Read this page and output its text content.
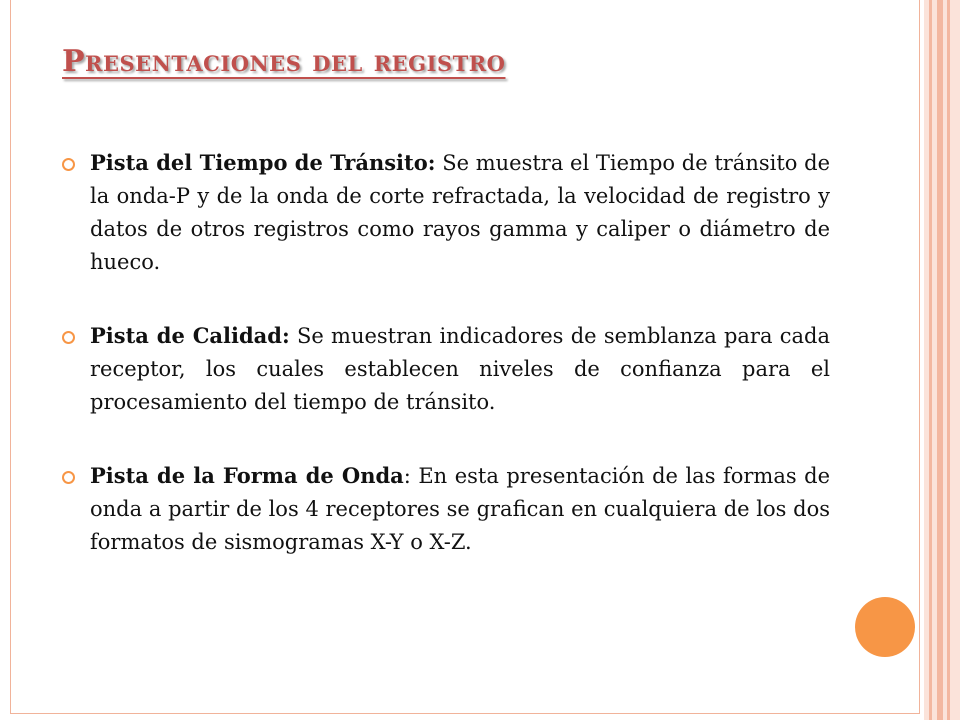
Presentaciones del registro
Pista del Tiempo de Tránsito: Se muestra el Tiempo de tránsito de la onda-P y de la onda de corte refractada, la velocidad de registro y datos de otros registros como rayos gamma y caliper o diámetro de hueco.
Pista de Calidad: Se muestran indicadores de semblanza para cada receptor, los cuales establecen niveles de confianza para el procesamiento del tiempo de tránsito.
Pista de la Forma de Onda: En esta presentación de las formas de onda a partir de los 4 receptores se grafican en cualquiera de los dos formatos de sismogramas X-Y o X-Z.
